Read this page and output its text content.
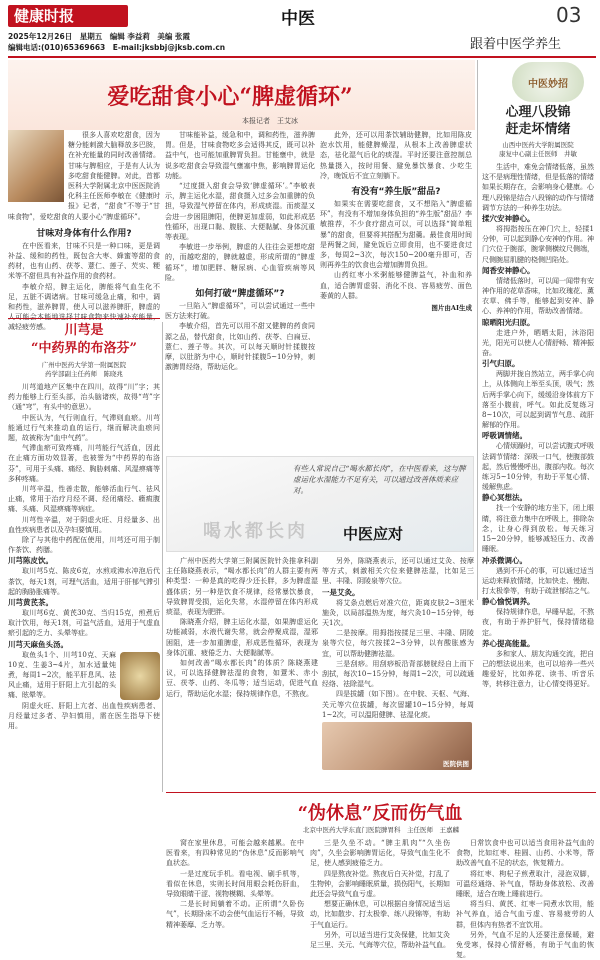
健康时报	中医	03
2025年12月26日　星期五　编辑 李益莉　美编 张霞
编辑电话:(010)65369663　E-mail:jksbbj@jksb.com.cn	跟着中医学养生
爱吃甜食小心“脾虚循环”
本报记者　王艾冰

很多人喜欢吃甜食，因为糖分能刺激大脑释放多巴胺，在补充能量的同时改善情绪。甘味与脾相应，于是有人认为多吃甜食能健脾。对此，首都医科大学附属北京中医医院消化科主任医师李敏在《健康时报》记者，“甜食”不等于“甘味食物”，爱吃甜食的人要小心“脾虚循环”。

甘味对身体有什么作用?

在中医看来，甘味不只是一种口味，更是调补益、缓和的药性，既包含大枣、蜂蜜等甜的食药材，也有山药、茯苓、薏仁、莲子、芡实、粳米等不甜但具有补益作用的食药材。

李敏介绍，脾主运化，脾能将气血生化不足，五脏不调诸病。甘味可缓急止痛，和中，调和药性，滋养脾胃，使人可以滋养脾肝，脾虚的 减轻疲劳感。

甘味能补益，缓急和中，调和药性，滋养脾胃。但是，甘味食物吃多会适得其反，既可以补益中气，也可能加重脾胃负担。甘能壅中，就是说多吃甜食会导致湿气壅塞中焦，影响脾胃运化功能。

“过度摄入甜食会导致‘脾虚循环’。”李敏表示，脾主运化水湿，甜食摄入过多会加重脾的负担，导致湿气停留在体内，形成痰湿。而痰湿又会进一步困阻脾阳，使脾更加虚弱，如此形成恶性循环，出现口黏、腹胀、大便黏腻、身体沉重等表现。

李敏进一步举例，脾虚的人往往会更想吃甜的，而越吃甜的，脾就越虚，形成所谓的“脾虚循环”，增加肥胖、糖尿病、心血管疾病等风险。

如何打破“脾虚循环”?

一旦陷入“脾虚循环”，可以尝试通过一些中医方法来打破。

李敏介绍，首先可以用不甜又健脾的药食同源之品，替代甜食，比如山药、茯苓、白扁豆、薏仁、莲子等。其次，可以每天顺时针揉腹按摩，以肚脐为中心，顺时针揉腹5~10分钟，刺激脾胃经络，帮助运化。

此外，还可以用茶饮辅助健脾，比如用陈皮泡水饮用，能健脾燥湿，从根本上改善脾虚状态，祛化湿气后化的痰湿。平时还要注意控制总热量摄入，按时用餐、避免暴饮暴食、少吃生冷，晚饭后不宜立刻躺下。

有没有“养生版”甜品?

如果实在需要吃甜食，又不想陷入“脾虚循环”，有没有不增加身体负担的“养生版”甜品？李敏推荐，不少食疗甜点可以，可以选择“简单粗暴”的甜食，但要将其搭配为甜羹。最佳食用时间是两餐之间，避免饭后立即食用，也不要进食过多，每周2~3次，每次150~200毫升即可，否则再养生的饮食也会增加脾胃负担。

山药红枣小米粥能够健脾益气，补血和养血，适合脾胃虚弱、消化不良、容易疲劳、面色萎黄的人群。

图片由AI生成
中医妙招
心理八段锦
赶走坏情绪
山西中医药大学附属医院
康复中心副主任医师　井敏

生活中，难免会情绪低落，虽然这不是病理性情绪，但是低落的情绪如果长期存在，会影响身心健康。心理八段锦是结合八段锦的动作与情绪调节方法的一种养生功法。

揉穴安神静心。

将拇指按压在神门穴上，轻揉1分钟，可以起到静心安神的作用。神门穴位于腕部，腕掌侧横纹尺侧端，尺侧腕屈肌腱的桡侧凹陷处。

闻香安神静心。

情绪低落时，可以闻一闻带有安神作用的花草香味，比如玫瑰花、薰衣草、佛手等，能够起到安神、静心、养神的作用，帮助改善情绪。

晾晒阳光归原。

走进户外，晒晒太阳，沐浴阳光，阳光可以使人心情舒畅、精神振奋。

引气归原。

两脚并拢自然站立，两手掌心向上，从体侧向上举至头顶，吸气；然后两手掌心向下，缓缓沿身体前方下落至小腹前，呼气。如此反复练习8~10次，可以起到调节气息、疏肝解郁的作用。

呼吸调情绪。

心情烦躁时，可以尝试腹式呼吸法调节情绪：深吸一口气，使腹部鼓起，然后慢慢呼出，腹部内收。每次练习5~10分钟，有助于平复心情、缓解焦虑。

静心冥想法。

找一个安静的地方坐下，闭上眼睛，将注意力集中在呼吸上，排除杂念，让身心得到放松。每天练习15~20分钟，能够减轻压力、改善睡眠。

冲杀微调心。

遇到不开心的事，可以通过适当运动来释放情绪，比如快走、慢跑、打太极拳等，有助于疏泄郁结之气。

静心愉悦调养。

保持规律作息，早睡早起，不熬夜，有助于养护肝气，保持情绪稳定。

养心提高能量。

多和家人、朋友沟通交流，把自己的想法说出来，也可以培养一些兴趣爱好，比如养花、读书、听音乐等，转移注意力，让心情变得更好。

川芎是
“中药界的布洛芬”
广州中医药大学第一附属医院
药学部副主任药师　陈晓兆

川芎道地产区集中在四川，故得“川”字；其药力能够上行至头部，治头脑诸疾，故得“芎”字（通“穹”，有头中的意思）。

中医认为，气行则血行，气滞则血瘀。川芎能通过行气来推动血的运行，继而解决血瘀问题，故被称为“血中气药”。

气滞血瘀可致疼痛，川芎能行气活血，因此在止痛方面功效显著，也被誉为“中药界的布洛芬”，可用于头痛、痛经、胸胁刺痛、风湿痹痛等多种疼痛。

川芎辛温，性善走散，能够活血行气、祛风止痛，常用于治疗月经不调、经闭痛经、癥瘕腹痛、头痛、风湿痹痛等病症。

川芎性辛温，对于阴虚火旺、月经量多、出血性疾病患者以及孕妇要慎用。

除了与其他中药配伍使用，川芎还可用于制作茶饮、药膳。

川芎陈皮饮。

取川芎5克、陈皮6克，水煎或沸水冲泡后代茶饮，每天1剂，可理气活血，适用于肝郁气滞引起的胸胁胀痛等。

川芎黄芪茶。

取川芎6克、黄芪30克、当归15克，煎煮后取汁饮用，每天1剂，可益气活血，适用于气虚血瘀引起的乏力、头晕等症。

川芎天麻鱼头汤。

取鱼头1个、川芎10克、天麻10克、生姜3~4片，加水适量炖煮，每周1~2次，能平肝息风、祛风止痛，适用于肝阳上亢引起的头痛、眩晕等。

阴虚火旺、肝阳上亢者、出血性疾病患者、月经量过多者、孕妇慎用，需在医生指导下使用。

有些人常说自己“喝水都长肉”，在中医看来，这与脾虚运化水湿能力不足有关，可以通过改善体质来应对。
喝水都长肉 中医应对

广州中医药大学第三附属医院针灸推拿科副主任陈晓燕表示，“喝水都长肉”的人群主要有两种类型：一种是真的吃得少还长胖，多为脾虚湿盛体质；另一种是饮食不规律，经常暴饮暴食，导致脾胃受损，运化失常，水湿停留在体内形成痰湿，表现为肥胖。

陈晓燕介绍，脾主运化水湿，如果脾虚运化功能减弱，水液代谢失常，就会停聚成湿，湿邪困阻，进一步加重脾虚，形成恶性循环，表现为身体沉重、疲倦乏力、大便黏腻等。

如何改善“喝水都长肉”的体质？陈晓燕建议，可以选择健脾祛湿的食物，如薏米、赤小豆、茯苓、山药、冬瓜等；适当运动，促进气血运行，帮助运化水湿；保持规律作息，不熬夜。

另外，陈晓燕表示，还可以通过艾灸、按摩等方式，刺激相关穴位来健脾祛湿，比如足三里、丰隆、阴陵泉等穴位。

一是艾灸。

将艾条点燃后对准穴位，距离皮肤2~3厘米施灸，以局部温热为度，每穴灸10~15分钟，每天1次。

二是按摩。用拇指按揉足三里、丰隆、阴陵泉等穴位，每穴按揉2~3分钟，以有酸胀感为宜，可以帮助健脾祛湿。

三是刮痧。用刮痧板沿背部膀胱经自上而下刮拭，每次10~15分钟，每周1~2次，可以疏通经络、祛除湿气。

四是拔罐（如下图）。在中脘、天枢、气海、关元等穴位拔罐，每次留罐10~15分钟，每周1~2次，可以温阳健脾、祛湿化痰。

医院供图
“伪休息”反而伤气血
北京中医药大学东直门医院脾胃科　主任医师　王嘉麟

窝在家里休息，可能会越来越累。在中医看来，有四种常见的“伪休息”反而影响气血状态。

一是过度玩手机。看电视、刷手机等，看似在休息，实则长时间用眼会耗伤肝血，导致眼睛干涩、视物模糊、头晕等。

二是长时间躺着不动。正所谓“久卧伤气”，长期卧床不动会使气血运行不畅，导致精神萎靡、乏力等。

三是久坐不动。“脾主肌肉”“久坐伤肉”，久坐会影响脾胃运化，导致气血生化不足，使人感到疲倦乏力。

四是熬夜补觉。熬夜后白天补觉，打乱了生物钟，会影响睡眠质量，损伤阳气，长期如此还会导致气血亏虚。

想要正确休息，可以根据自身情况适当运动，比如散步、打太极拳、练八段锦等，有助于气血运行。

另外，可以适当进行艾灸保健，比如艾灸足三里、关元、气海等穴位，帮助补益气血。

日常饮食中也可以适当食用补益气血的食物，比如红枣、桂圆、山药、小米等，帮助改善气血不足的状态，恢复精力。

将红枣、枸杞子煎煮取汁，浸泡双脚，可温经通络、补气血，帮助身体放松、改善睡眠，适合在晚上睡前进行。

将当归、黄芪、红枣一同煮水饮用，能补气养血，适合气血亏虚、容易疲劳的人群，但体内有热者不宜饮用。

另外，气血不足的人还要注意保暖，避免受寒，保持心情舒畅，有助于气血的恢复。
